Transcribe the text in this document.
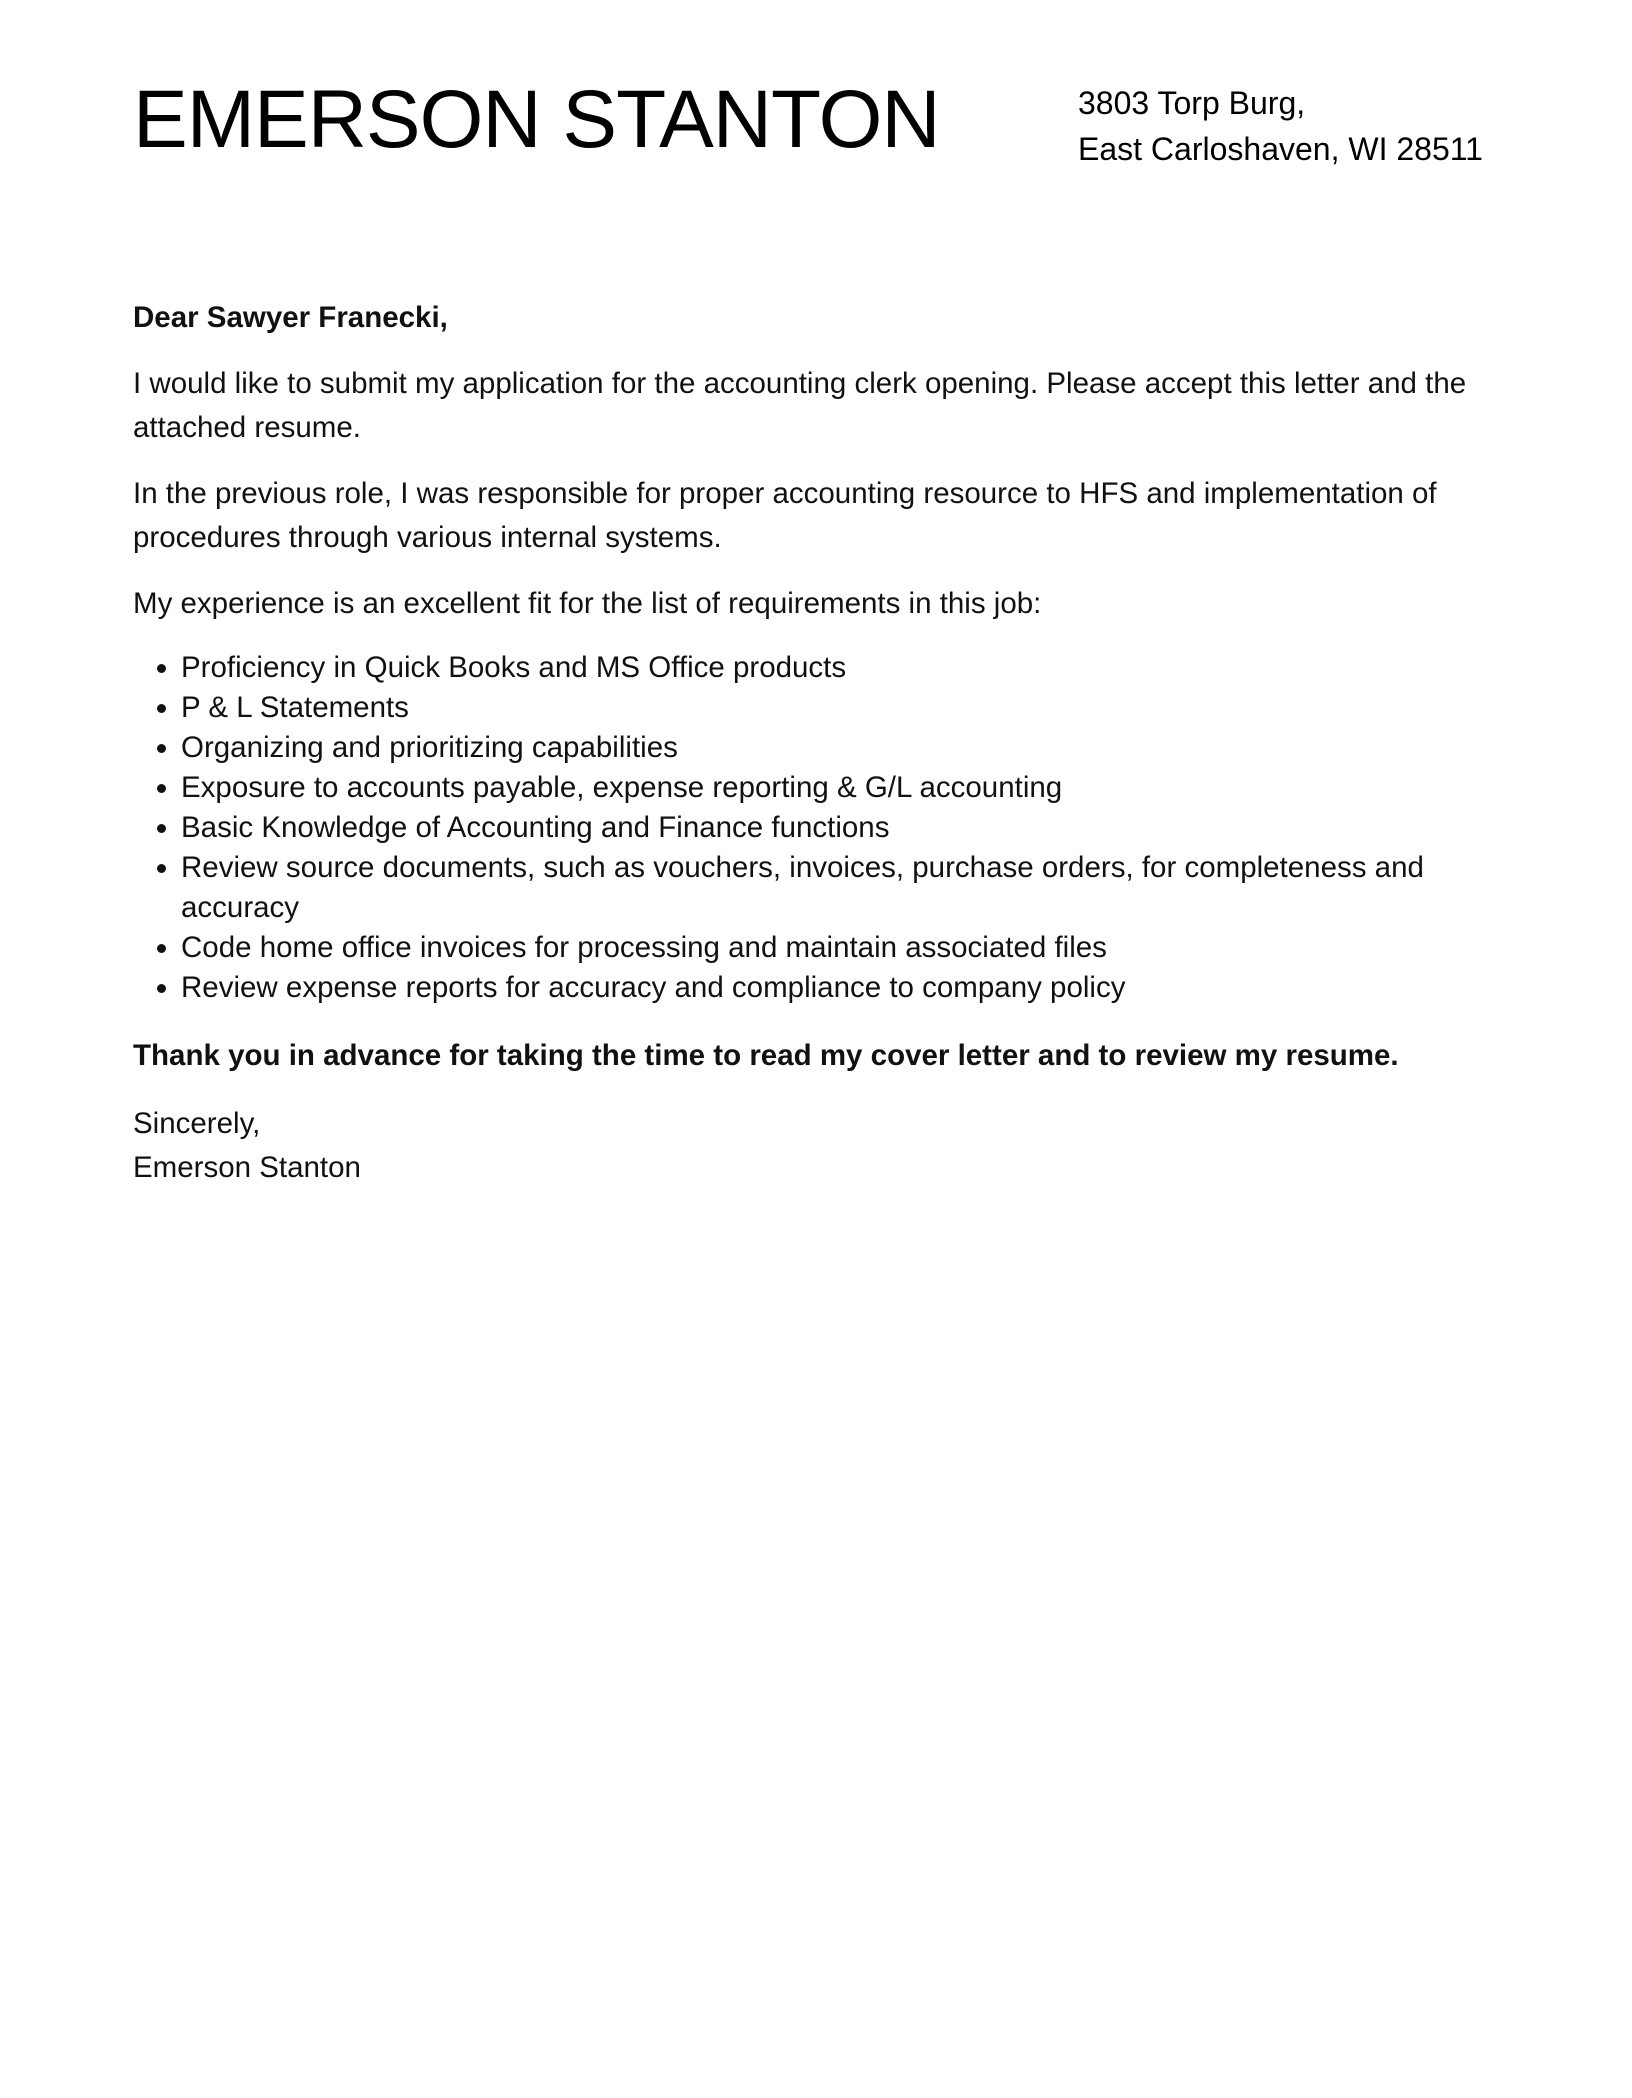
EMERSON STANTON	3803 Torp Burg,
East Carloshaven, WI 28511

Dear Sawyer Franecki,

I would like to submit my application for the accounting clerk opening. Please accept this letter and the attached resume.

In the previous role, I was responsible for proper accounting resource to HFS and implementation of procedures through various internal systems.

My experience is an excellent fit for the list of requirements in this job:

• Proficiency in Quick Books and MS Office products
• P & L Statements
• Organizing and prioritizing capabilities
• Exposure to accounts payable, expense reporting & G/L accounting
• Basic Knowledge of Accounting and Finance functions
• Review source documents, such as vouchers, invoices, purchase orders, for completeness and accuracy
• Code home office invoices for processing and maintain associated files
• Review expense reports for accuracy and compliance to company policy

Thank you in advance for taking the time to read my cover letter and to review my resume.

Sincerely,
Emerson Stanton
